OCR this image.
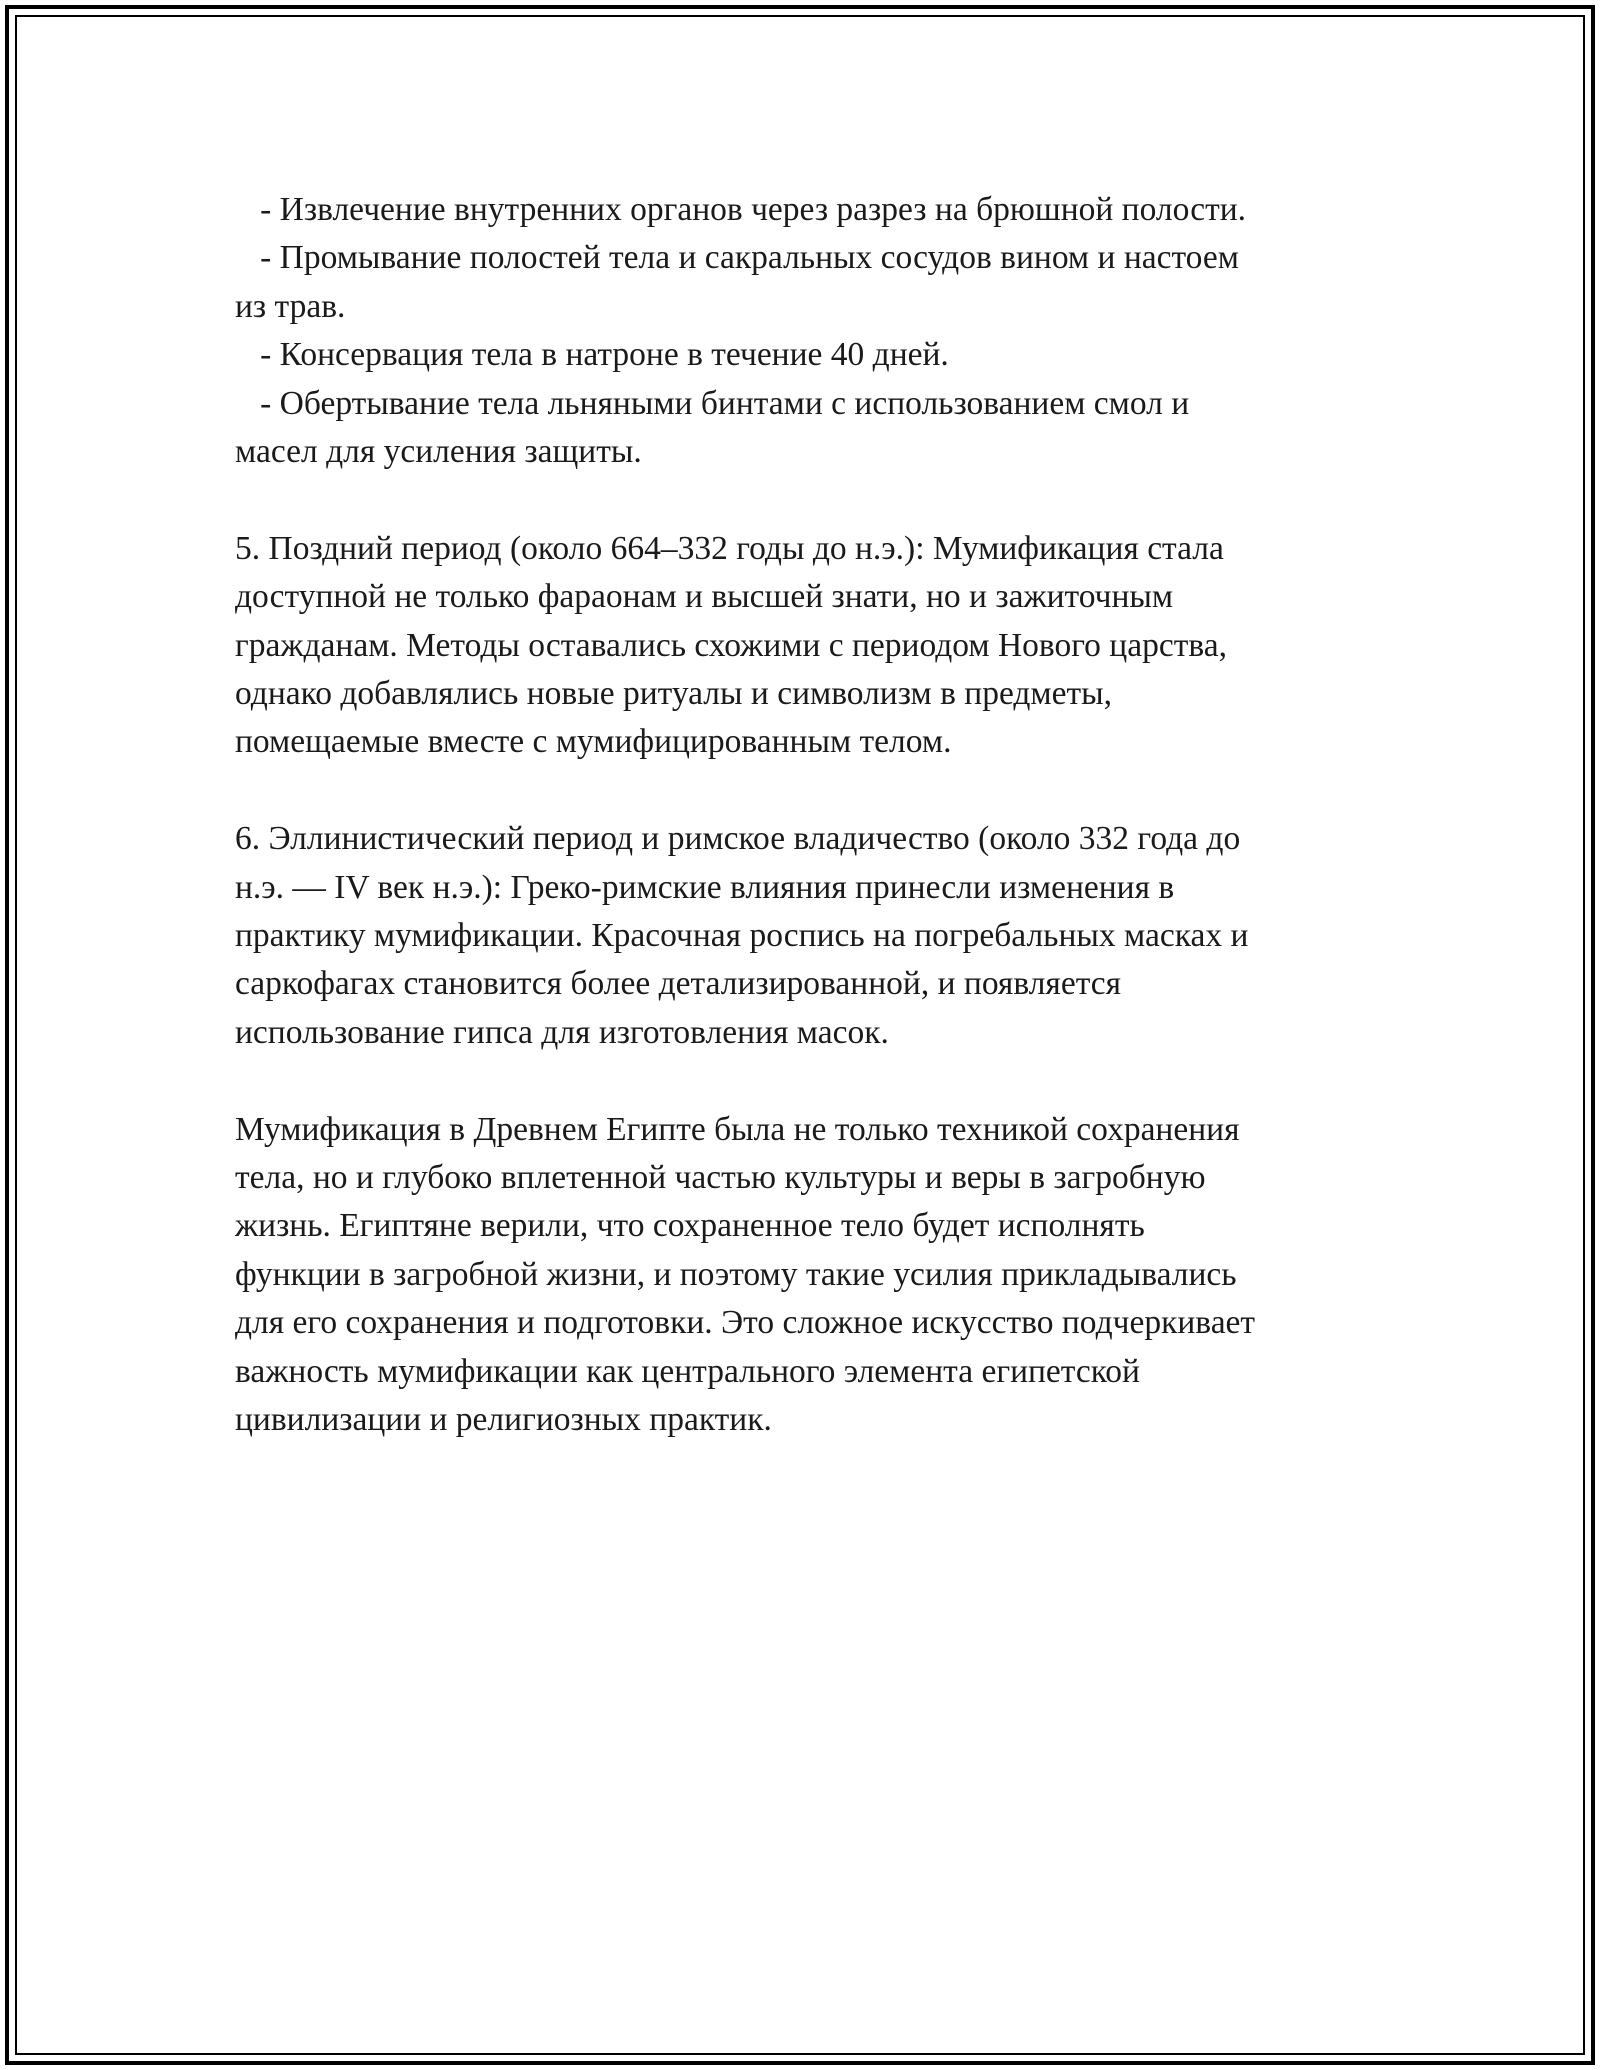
- Извлечение внутренних органов через разрез на брюшной полости.

- Промывание полостей тела и сакральных сосудов вином и настоем
из трав.

- Консервация тела в натроне в течение 40 дней.

- Обертывание тела льняными бинтами с использованием смол и
масел для усиления защиты.

5. Поздний период (около 664–332 годы до н.э.): Мумификация стала
доступной не только фараонам и высшей знати, но и зажиточным
гражданам. Методы оставались схожими с периодом Нового царства,
однако добавлялись новые ритуалы и символизм в предметы,
помещаемые вместе с мумифицированным телом.

6. Эллинистический период и римское владичество (около 332 года до
н.э. — IV век н.э.): Греко-римские влияния принесли изменения в
практику мумификации. Красочная роспись на погребальных масках и
саркофагах становится более детализированной, и появляется
использование гипса для изготовления масок.

Мумификация в Древнем Египте была не только техникой сохранения
тела, но и глубоко вплетенной частью культуры и веры в загробную
жизнь. Египтяне верили, что сохраненное тело будет исполнять
функции в загробной жизни, и поэтому такие усилия прикладывались
для его сохранения и подготовки. Это сложное искусство подчеркивает
важность мумификации как центрального элемента египетской
цивилизации и религиозных практик.
